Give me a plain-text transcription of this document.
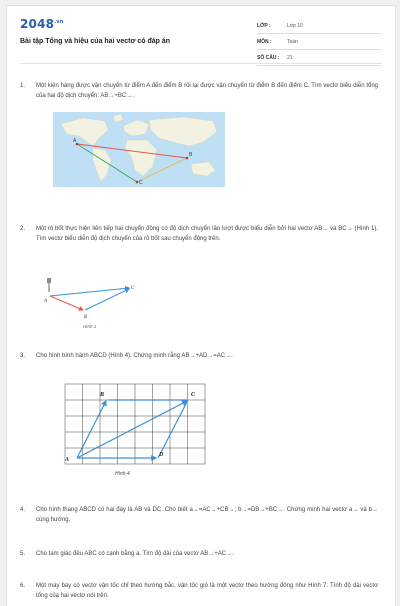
$2048^{.vn}$
Bài tập Tổng và hiệu của hai vectơ có đáp án
LỚP :	Lớp 10
MÔN :	Toán
SỐ CÂU :	21
1.	Một kiện hàng được vận chuyển từ điểm A đến điểm B rồi lại được vận chuyển từ điểm B đến điểm C. Tìm vectơ biểu diễn tổng của hai độ dịch chuyển: AB→+BC→.
A
B
C
2.	Một rô bốt thực hiện liên tiếp hai chuyển động có độ dịch chuyển lần lượt được biểu diễn bởi hai vectơ AB→ và BC→ (Hình 1). Tìm vectơ biểu diễn độ dịch chuyển của rô bốt sau chuyển động trên.
A
B
C
Hình 1
3.	Cho hình bình hành ABCD (Hình 4). Chứng minh rằng AB→+AD→=AC→.
A
B	C
D
Hình 4
4.	Cho hình thang ABCD có hai đáy là AB và DC. Cho biết a→=AC→+CB→; b→=DB→+BC→. Chứng minh hai vectơ a→ và b→ cùng hướng.
5.	Cho tam giác đều ABC có cạnh bằng a. Tìm độ dài của vectơ AB→+AC→.
6.	Một máy bay có vectơ vận tốc chỉ theo hướng bắc, vận tốc gió là một vectơ theo hướng đông như Hình 7. Tính độ dài vectơ tổng của hai vectơ nói trên.
